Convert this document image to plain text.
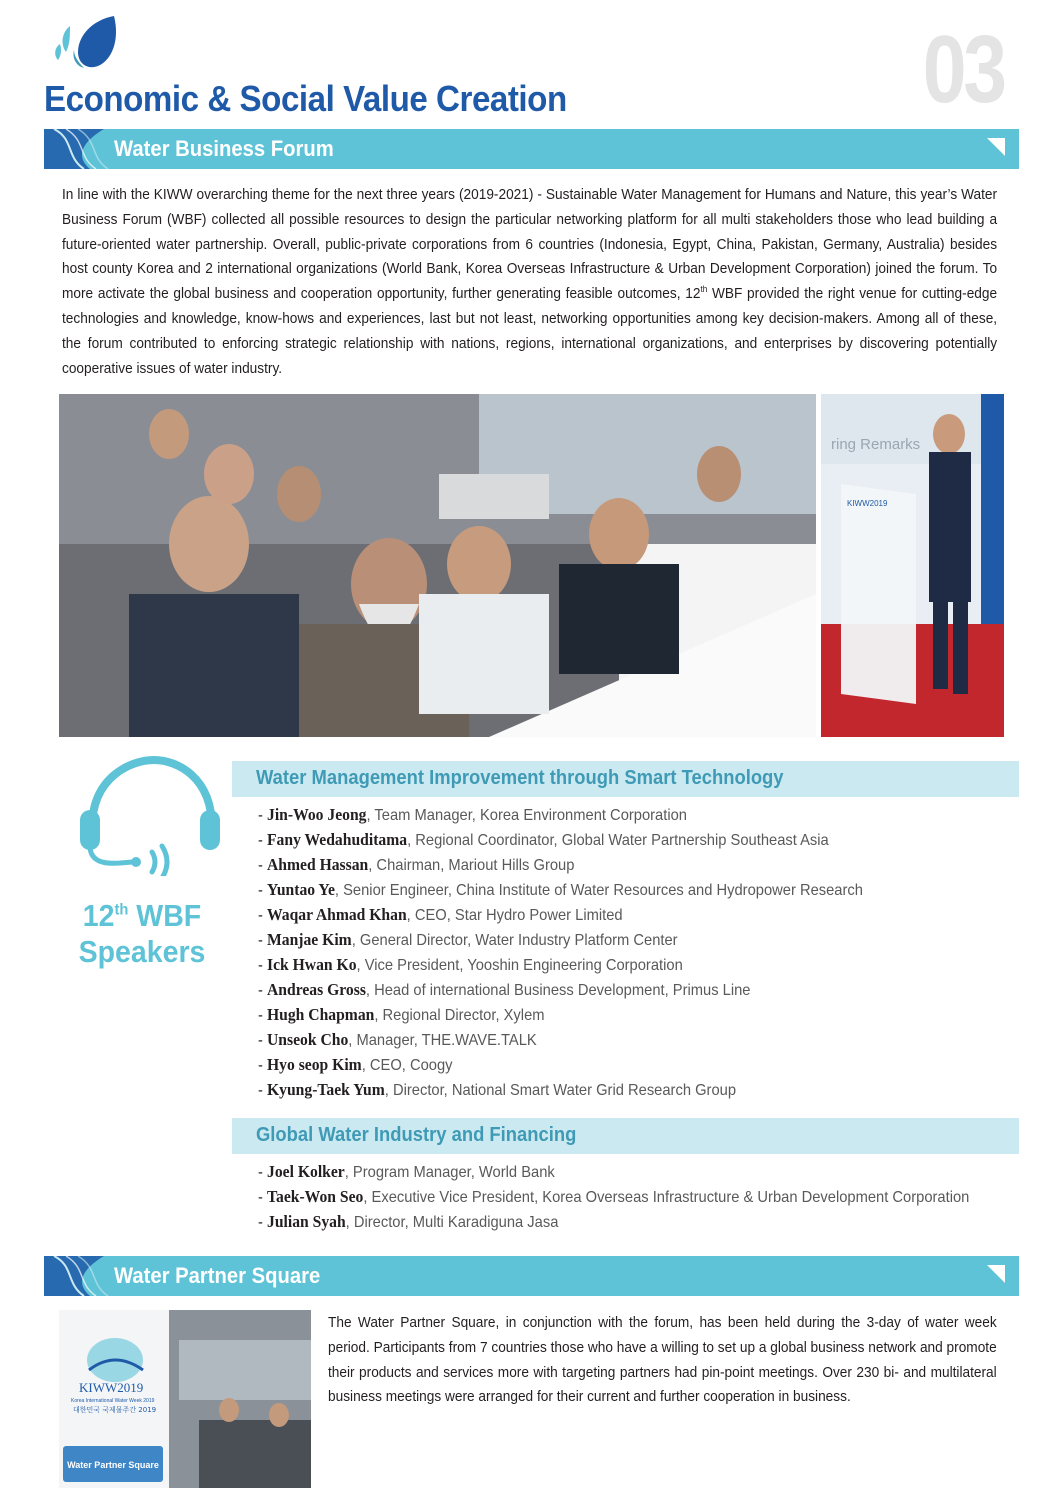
Economic & Social Value Creation	03
Water Business Forum
In line with the KIWW overarching theme for the next three years (2019-2021) - Sustainable Water Management for Humans and Nature, this year’s Water Business Forum (WBF) collected all possible resources to design the particular networking platform for all multi stakeholders those who lead building a future-oriented water partnership. Overall, public-private corporations from 6 countries (Indonesia, Egypt, China, Pakistan, Germany, Australia) besides host county Korea and 2 international organizations (World Bank, Korea Overseas Infrastructure & Urban Development Corporation) joined the forum. To more activate the global business and cooperation opportunity, further generating feasible outcomes, 12th WBF provided the right venue for cutting-edge technologies and knowledge, know-hows and experiences, last but not least, networking opportunities among key decision-makers. Among all of these, the forum contributed to enforcing strategic relationship with nations, regions, international organizations, and enterprises by discovering potentially cooperative issues of water industry.
ring Remarks
KIWW2019
12th WBF
Speakers
Water Management Improvement through Smart Technology
- Jin-Woo Jeong, Team Manager, Korea Environment Corporation
- Fany Wedahuditama, Regional Coordinator, Global Water Partnership Southeast Asia
- Ahmed Hassan, Chairman, Mariout Hills Group
- Yuntao Ye, Senior Engineer, China Institute of Water Resources and Hydropower Research
- Waqar Ahmad Khan, CEO, Star Hydro Power Limited
- Manjae Kim, General Director, Water Industry Platform Center
- Ick Hwan Ko, Vice President, Yooshin Engineering Corporation
- Andreas Gross, Head of international Business Development, Primus Line
- Hugh Chapman, Regional Director, Xylem
- Unseok Cho, Manager, THE.WAVE.TALK
- Hyo seop Kim, CEO, Coogy
- Kyung-Taek Yum, Director, National Smart Water Grid Research Group
Global Water Industry and Financing
- Joel Kolker, Program Manager, World Bank
- Taek-Won Seo, Executive Vice President, Korea Overseas Infrastructure & Urban Development Corporation
- Julian Syah, Director, Multi Karadiguna Jasa
Water Partner Square
KIWW2019
Korea International Water Week 2019
대한민국 국제물주간 2019
Water Partner Square
The Water Partner Square, in conjunction with the forum, has been held during the 3-day of water week period. Participants from 7 countries those who have a willing to set up a global business network and promote their products and services more with targeting partners had pin-point meetings. Over 230 bi- and multilateral business meetings were arranged for their current and further cooperation in business.
